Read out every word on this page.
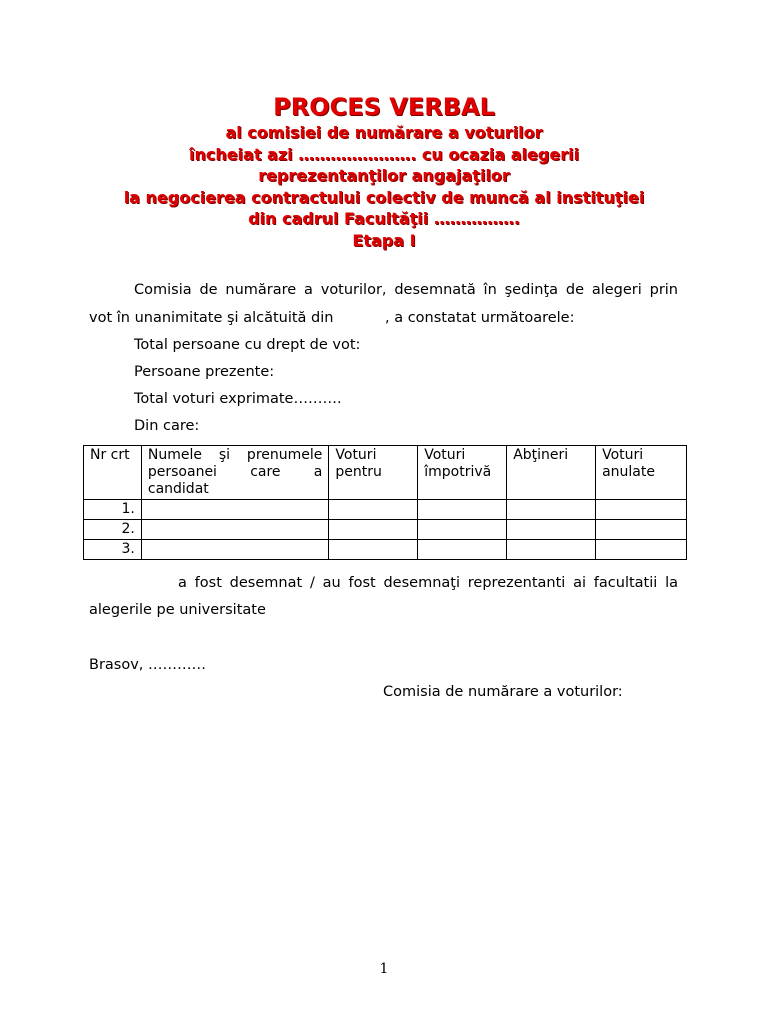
PROCES VERBAL
al comisiei de numărare a voturilor
încheiat azi …………………. cu ocazia alegerii
reprezentanţilor angajaţilor
la negocierea contractului colectiv de muncă al instituţiei
din cadrul Facultăţii …………….
Etapa I
Comisia de numărare a voturilor, desemnată în şedinţa de alegeri prin
vot în unanimitate şi alcătuită din	, a constatat următoarele:
Total persoane cu drept de vot:
Persoane prezente:
Total voturi exprimate……….
Din care:
Nr crt	Numele şi prenumele persoanei care a candidat	Voturi pentru	Voturi împotrivă	Abţineri	Voturi anulate
1.					
2.					
3.					
a fost desemnat / au fost desemnaţi reprezentanti ai facultatii la
alegerile pe universitate
Brasov, …………
Comisia de numărare a voturilor:
1
